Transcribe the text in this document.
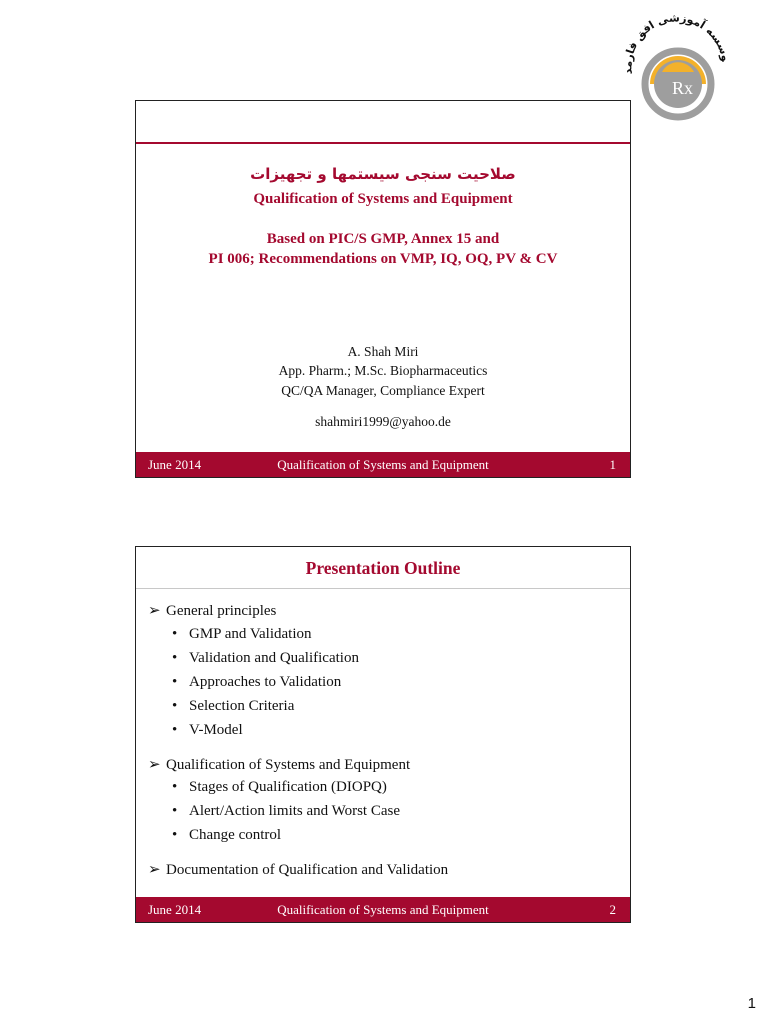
Rx
وسسه آموزشی افق فارمد
صلاحیت سنجی سیستمها و تجهیزات
Qualification of Systems and Equipment
Based on PIC/S GMP, Annex 15 and
PI 006; Recommendations on VMP, IQ, OQ, PV & CV
A. Shah Miri
App. Pharm.; M.Sc. Biopharmaceutics
QC/QA Manager, Compliance Expert
shahmiri1999@yahoo.de
June 2014	Qualification of Systems and Equipment	1
Presentation Outline
➢ General principles
• GMP and Validation
• Validation and Qualification
• Approaches to Validation
• Selection Criteria
• V-Model
➢ Qualification of Systems and Equipment
• Stages of Qualification (DIOPQ)
• Alert/Action limits and Worst Case
• Change control
➢ Documentation of Qualification and Validation
June 2014	Qualification of Systems and Equipment	2
1
